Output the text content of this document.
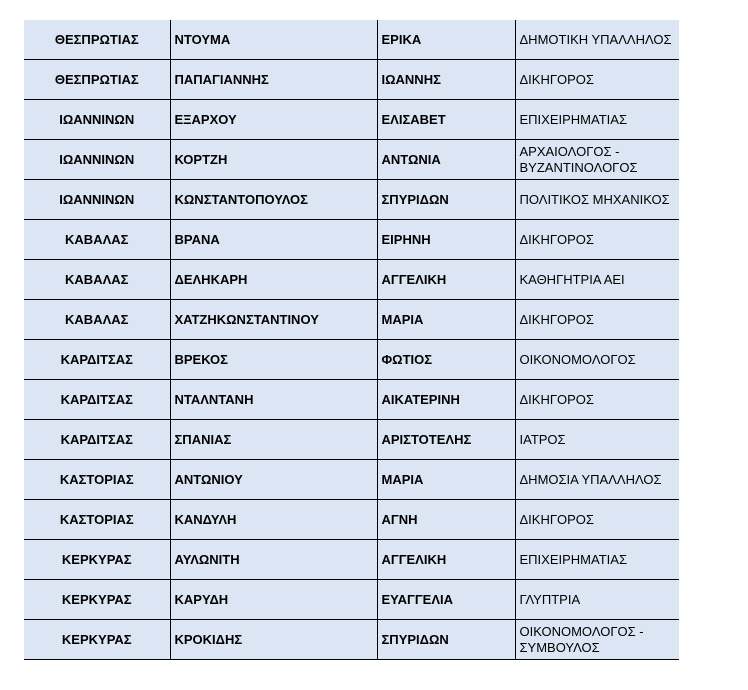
ΘΕΣΠΡΩΤΙΑΣ	ΝΤΟΥΜΑ	ΕΡΙΚΑ	ΔΗΜΟΤΙΚΗ ΥΠΑΛΛΗΛΟΣ
ΘΕΣΠΡΩΤΙΑΣ	ΠΑΠΑΓΙΑΝΝΗΣ	ΙΩΑΝΝΗΣ	ΔΙΚΗΓΟΡΟΣ
ΙΩΑΝΝΙΝΩΝ	ΕΞΑΡΧΟΥ	ΕΛΙΣΑΒΕΤ	ΕΠΙΧΕΙΡΗΜΑΤΙΑΣ
ΙΩΑΝΝΙΝΩΝ	ΚΟΡΤΖΗ	ΑΝΤΩΝΙΑ	ΑΡΧΑΙΟΛΟΓΟΣ - ΒΥΖΑΝΤΙΝΟΛΟΓΟΣ
ΙΩΑΝΝΙΝΩΝ	ΚΩΝΣΤΑΝΤΟΠΟΥΛΟΣ	ΣΠΥΡΙΔΩΝ	ΠΟΛΙΤΙΚΟΣ ΜΗΧΑΝΙΚΟΣ
ΚΑΒΑΛΑΣ	ΒΡΑΝΑ	ΕΙΡΗΝΗ	ΔΙΚΗΓΟΡΟΣ
ΚΑΒΑΛΑΣ	ΔΕΛΗΚΑΡΗ	ΑΓΓΕΛΙΚΗ	ΚΑΘΗΓΗΤΡΙΑ ΑΕΙ
ΚΑΒΑΛΑΣ	ΧΑΤΖΗΚΩΝΣΤΑΝΤΙΝΟΥ	ΜΑΡΙΑ	ΔΙΚΗΓΟΡΟΣ
ΚΑΡΔΙΤΣΑΣ	ΒΡΕΚΟΣ	ΦΩΤΙΟΣ	ΟΙΚΟΝΟΜΟΛΟΓΟΣ
ΚΑΡΔΙΤΣΑΣ	ΝΤΑΛΝΤΑΝΗ	ΑΙΚΑΤΕΡΙΝΗ	ΔΙΚΗΓΟΡΟΣ
ΚΑΡΔΙΤΣΑΣ	ΣΠΑΝΙΑΣ	ΑΡΙΣΤΟΤΕΛΗΣ	ΙΑΤΡΟΣ
ΚΑΣΤΟΡΙΑΣ	ΑΝΤΩΝΙΟΥ	ΜΑΡΙΑ	ΔΗΜΟΣΙΑ ΥΠΑΛΛΗΛΟΣ
ΚΑΣΤΟΡΙΑΣ	ΚΑΝΔΥΛΗ	ΑΓΝΗ	ΔΙΚΗΓΟΡΟΣ
ΚΕΡΚΥΡΑΣ	ΑΥΛΩΝΙΤΗ	ΑΓΓΕΛΙΚΗ	ΕΠΙΧΕΙΡΗΜΑΤΙΑΣ
ΚΕΡΚΥΡΑΣ	ΚΑΡΥΔΗ	ΕΥΑΓΓΕΛΙΑ	ΓΛΥΠΤΡΙΑ
ΚΕΡΚΥΡΑΣ	ΚΡΟΚΙΔΗΣ	ΣΠΥΡΙΔΩΝ	ΟΙΚΟΝΟΜΟΛΟΓΟΣ - ΣΥΜΒΟΥΛΟΣ
